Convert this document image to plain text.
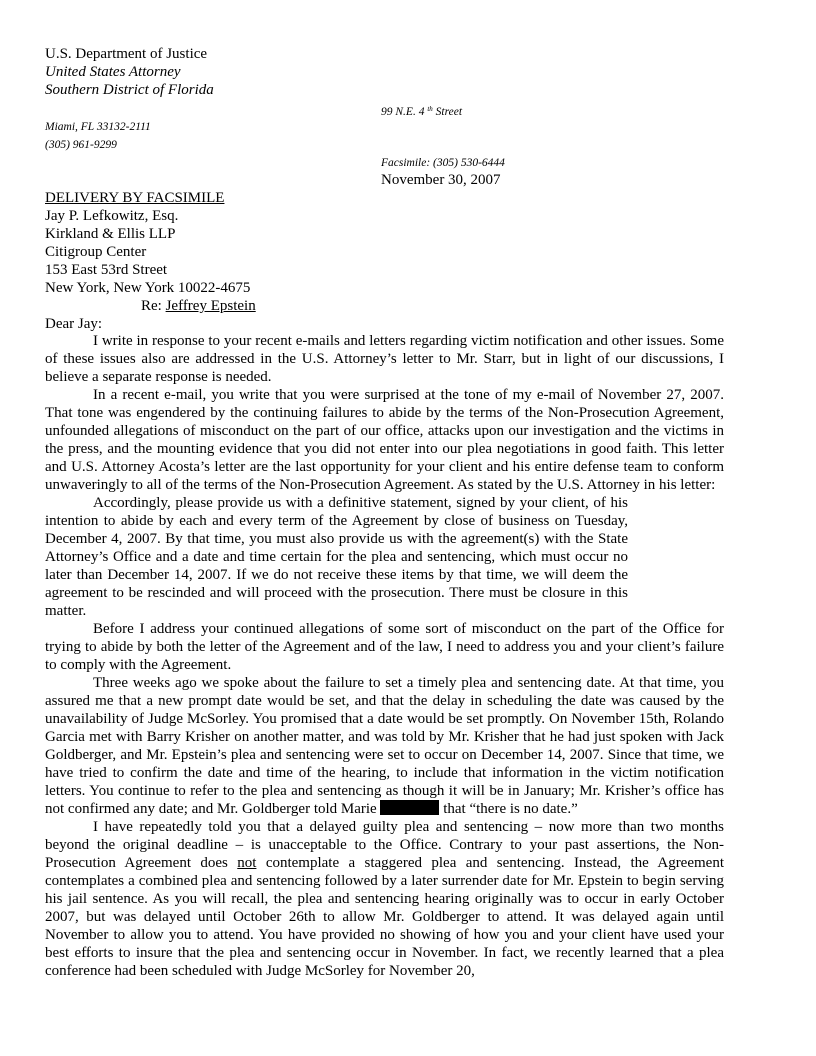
U.S. Department of Justice
United States Attorney
Southern District of Florida
99 N.E. 4 $^{th}$ Street
Miami, FL 33132-2111
(305) 961-9299
Facsimile: (305) 530-6444
November 30, 2007
DELIVERY BY FACSIMILE
Jay P. Lefkowitz, Esq.
Kirkland & Ellis LLP
Citigroup Center
153 East 53rd Street
New York, New York 10022-4675
Re: Jeffrey Epstein
Dear Jay:

I write in response to your recent e-mails and letters regarding victim notification and other issues. Some of these issues also are addressed in the U.S. Attorney’s letter to Mr. Starr, but in light of our discussions, I believe a separate response is needed.

In a recent e-mail, you write that you were surprised at the tone of my e-mail of November 27, 2007. That tone was engendered by the continuing failures to abide by the terms of the Non-Prosecution Agreement, unfounded allegations of misconduct on the part of our office, attacks upon our investigation and the victims in the press, and the mounting evidence that you did not enter into our plea negotiations in good faith. This letter and U.S. Attorney Acosta’s letter are the last opportunity for your client and his entire defense team to conform unwaveringly to all of the terms of the Non-Prosecution Agreement. As stated by the U.S. Attorney in his letter:

Accordingly, please provide us with a definitive statement, signed by your client, of his intention to abide by each and every term of the Agreement by close of business on Tuesday, December 4, 2007. By that time, you must also provide us with the agreement(s) with the State Attorney’s Office and a date and time certain for the plea and sentencing, which must occur no later than December 14, 2007. If we do not receive these items by that time, we will deem the agreement to be rescinded and will proceed with the prosecution. There must be closure in this matter.

Before I address your continued allegations of some sort of misconduct on the part of the Office for trying to abide by both the letter of the Agreement and of the law, I need to address you and your client’s failure to comply with the Agreement.

Three weeks ago we spoke about the failure to set a timely plea and sentencing date. At that time, you assured me that a new prompt date would be set, and that the delay in scheduling the date was caused by the unavailability of Judge McSorley. You promised that a date would be set promptly. On November 15th, Rolando Garcia met with Barry Krisher on another matter, and was told by Mr. Krisher that he had just spoken with Jack Goldberger, and Mr. Epstein’s plea and sentencing were set to occur on December 14, 2007. Since that time, we have tried to confirm the date and time of the hearing, to include that information in the victim notification letters. You continue to refer to the plea and sentencing as though it will be in January; Mr. Krisher’s office has not confirmed any date; and Mr. Goldberger told Marie	that “there is no date.”

I have repeatedly told you that a delayed guilty plea and sentencing – now more than two months beyond the original deadline – is unacceptable to the Office. Contrary to your past assertions, the Non-Prosecution Agreement does not contemplate a staggered plea and sentencing. Instead, the Agreement contemplates a combined plea and sentencing followed by a later surrender date for Mr. Epstein to begin serving his jail sentence. As you will recall, the plea and sentencing hearing originally was to occur in early October 2007, but was delayed until October 26th to allow Mr. Goldberger to attend. It was delayed again until November to allow you to attend. You have provided no showing of how you and your client have used your best efforts to insure that the plea and sentencing occur in November. In fact, we recently learned that a plea conference had been scheduled with Judge McSorley for November 20,
